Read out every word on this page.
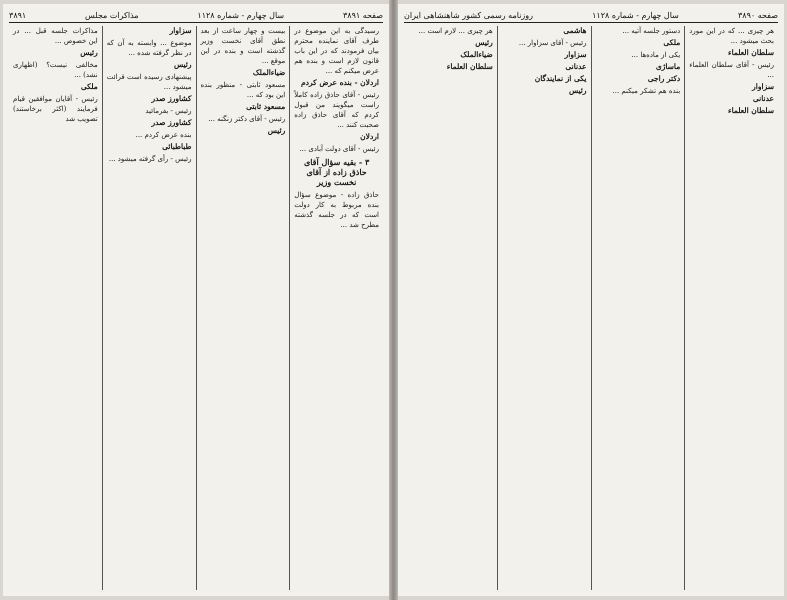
صفحه ۳۸۹۱
سال چهارم - شماره ۱۱۲۸
مذاکرات مجلس
۳۸۹۱

رسیدگی به این موضوع در طرف آقای نماینده محترم بیان فرمودند که در این باب قانون لازم است و بنده هم عرض میکنم که ...

اردلان - بنده عرض کردم

رئیس - آقای حاذق زاده کاملاً راست میگویند من قبول کردم که آقای حاذق زاده صحبت کنند ...

اردلان

رئیس - آقای دولت آبادی ...

۳ - بقیه سؤال آقای حاذق زاده از آقای نخست وزیر

حاذق زاده - موضوع سؤال بنده مربوط به کار دولت است که در جلسه گذشته مطرح شد ...

بیست و چهار ساعت از بعد نطق آقای نخست وزیر گذشته است و بنده در این موقع ...

ضیاءالملک

مسعود ثابتی - منظور بنده این بود که ...

مسعود ثابتی

رئیس - آقای دکتر زنگنه ...

رئیس

سزاوار

موضوع ... وابسته به آن که در نظر گرفته شده ...

رئیس

پیشنهادی رسیده است قرائت میشود ...

کشاورز صدر

رئیس - بفرمائید

کشاورز صدر

بنده عرض کردم ...

طباطبائی

رئیس - رأی گرفته میشود ...

مذاکرات جلسه قبل ... در این خصوص ...

رئیس

مخالفی نیست؟ (اظهاری نشد) ...

ملکی

رئیس - آقایان موافقین قیام فرمایند (اکثر برخاستند) تصویب شد

صفحه ۳۸۹۰
سال چهارم - شماره ۱۱۲۸
روزنامه رسمی کشور شاهنشاهی ایران

هر چیزی ... که در این مورد بحث میشود ...

سلطان العلماء

رئیس - آقای سلطان العلماء ...

سزاوار

عدنانی

سلطان العلماء

دستور جلسه آتیه ...

ملکی

یکی از ماده‌ها ...

ماساژی

دکتر راجی

بنده هم تشکر میکنم ...

هاشمی

رئیس - آقای سزاوار ...

سزاوار

عدنانی

یکی از نمایندگان

رئیس

هر چیزی ... لازم است ...

رئیس

ضیاءالملک

سلطان العلماء
